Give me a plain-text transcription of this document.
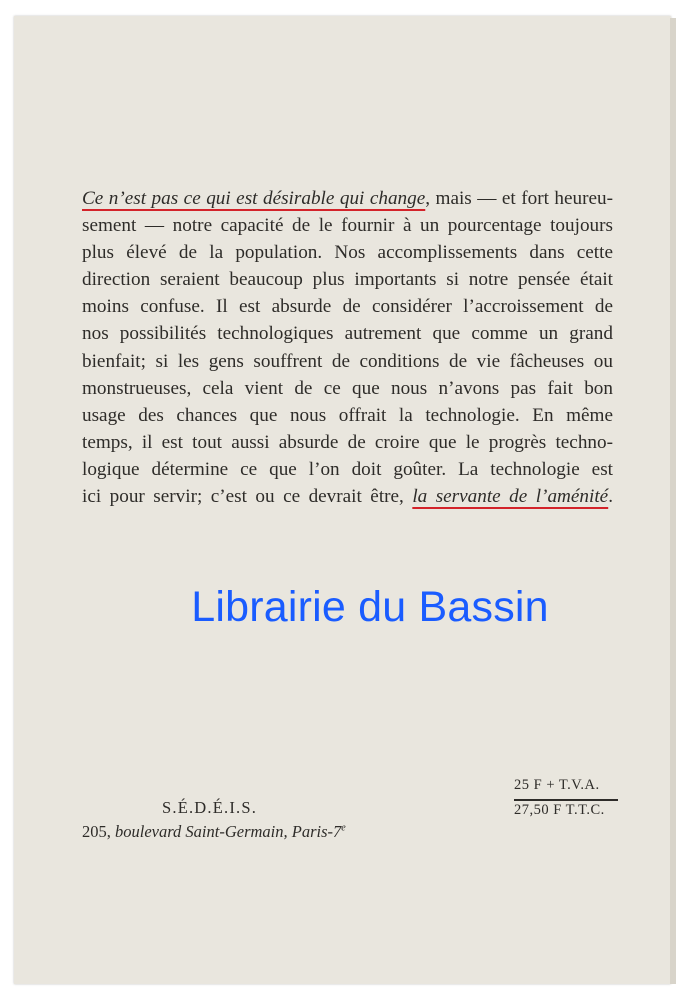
Ce n’est pas ce qui est désirable qui change, mais — et fort heureu-
sement — notre capacité de le fournir à un pourcentage toujours
plus élevé de la population. Nos accomplissements dans cette
direction seraient beaucoup plus importants si notre pensée était
moins confuse. Il est absurde de considérer l’accroissement de
nos possibilités technologiques autrement que comme un grand
bienfait; si les gens souffrent de conditions de vie fâcheuses ou
monstrueuses, cela vient de ce que nous n’avons pas fait bon
usage des chances que nous offrait la technologie. En même
temps, il est tout aussi absurde de croire que le progrès techno-
logique détermine ce que l’on doit goûter. La technologie est
ici pour servir; c’est ou ce devrait être, la servante de l’aménité.
Librairie du Bassin
S.É.D.É.I.S.
205, boulevard Saint-Germain, Paris-7e
25 F + T.V.A.
27,50 F T.T.C.
